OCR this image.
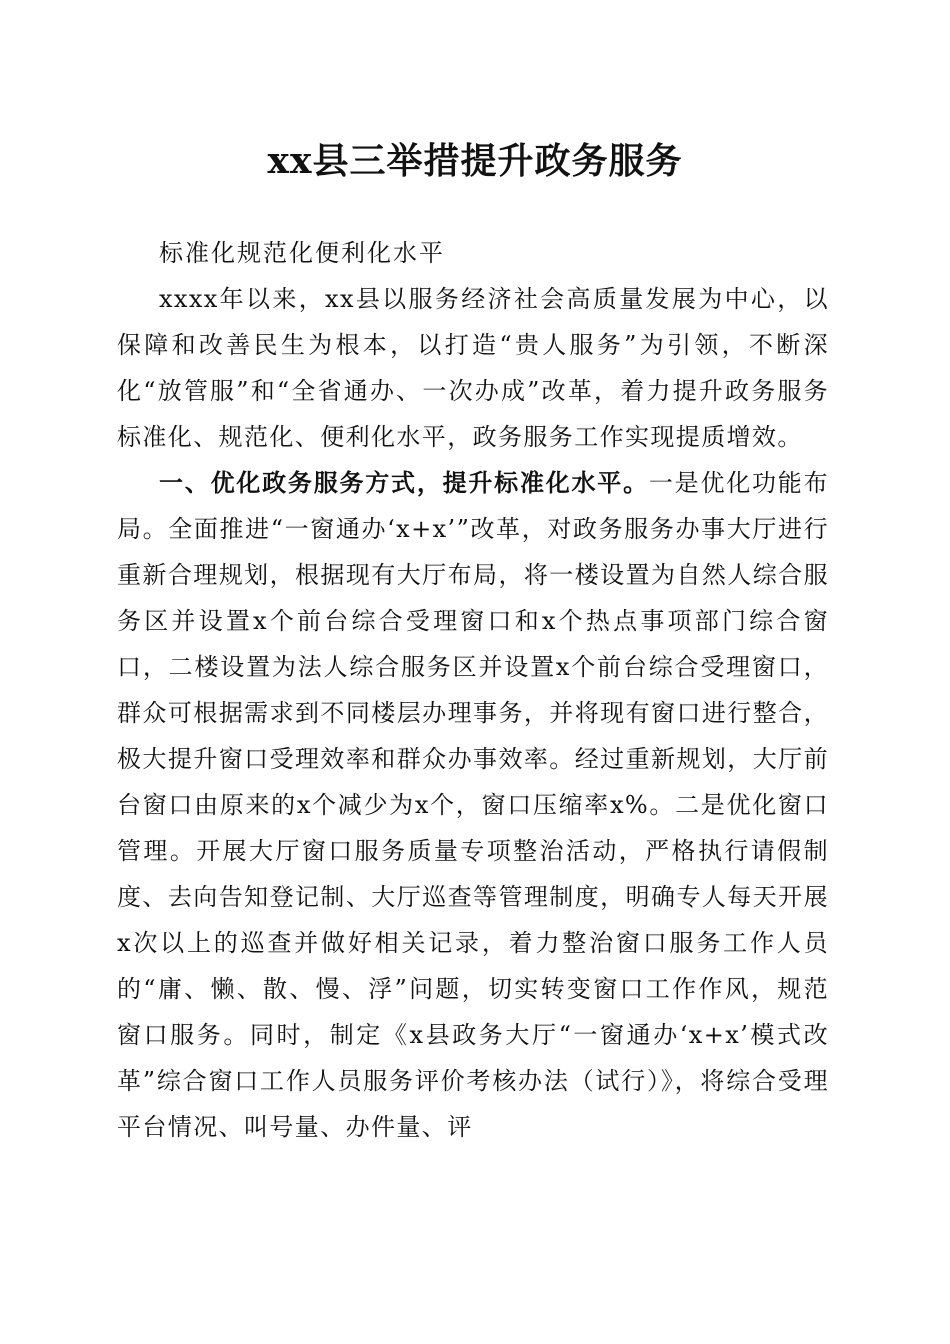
xx县三举措提升政务服务

标准化规范化便利化水平

xxxx年以来，xx县以服务经济社会高质量发展为中心，以保障和改善民生为根本，以打造“贵人服务”为引领，不断深化“放管服”和“全省通办、一次办成”改革，着力提升政务服务标准化、规范化、便利化水平，政务服务工作实现提质增效。

一、优化政务服务方式，提升标准化水平。一是优化功能布局。全面推进“一窗通办‘x+x’”改革，对政务服务办事大厅进行重新合理规划，根据现有大厅布局，将一楼设置为自然人综合服务区并设置x个前台综合受理窗口和x个热点事项部门综合窗口，二楼设置为法人综合服务区并设置x个前台综合受理窗口，群众可根据需求到不同楼层办理事务，并将现有窗口进行整合，极大提升窗口受理效率和群众办事效率。经过重新规划，大厅前台窗口由原来的x个减少为x个，窗口压缩率x%。二是优化窗口管理。开展大厅窗口服务质量专项整治活动，严格执行请假制度、去向告知登记制、大厅巡查等管理制度，明确专人每天开展x次以上的巡查并做好相关记录，着力整治窗口服务工作人员的“庸、懒、散、慢、浮”问题，切实转变窗口工作作风，规范窗口服务。同时，制定《x县政务大厅“一窗通办‘x+x’模式改革”综合窗口工作人员服务评价考核办法（试行）》，将综合受理平台情况、叫号量、办件量、评
